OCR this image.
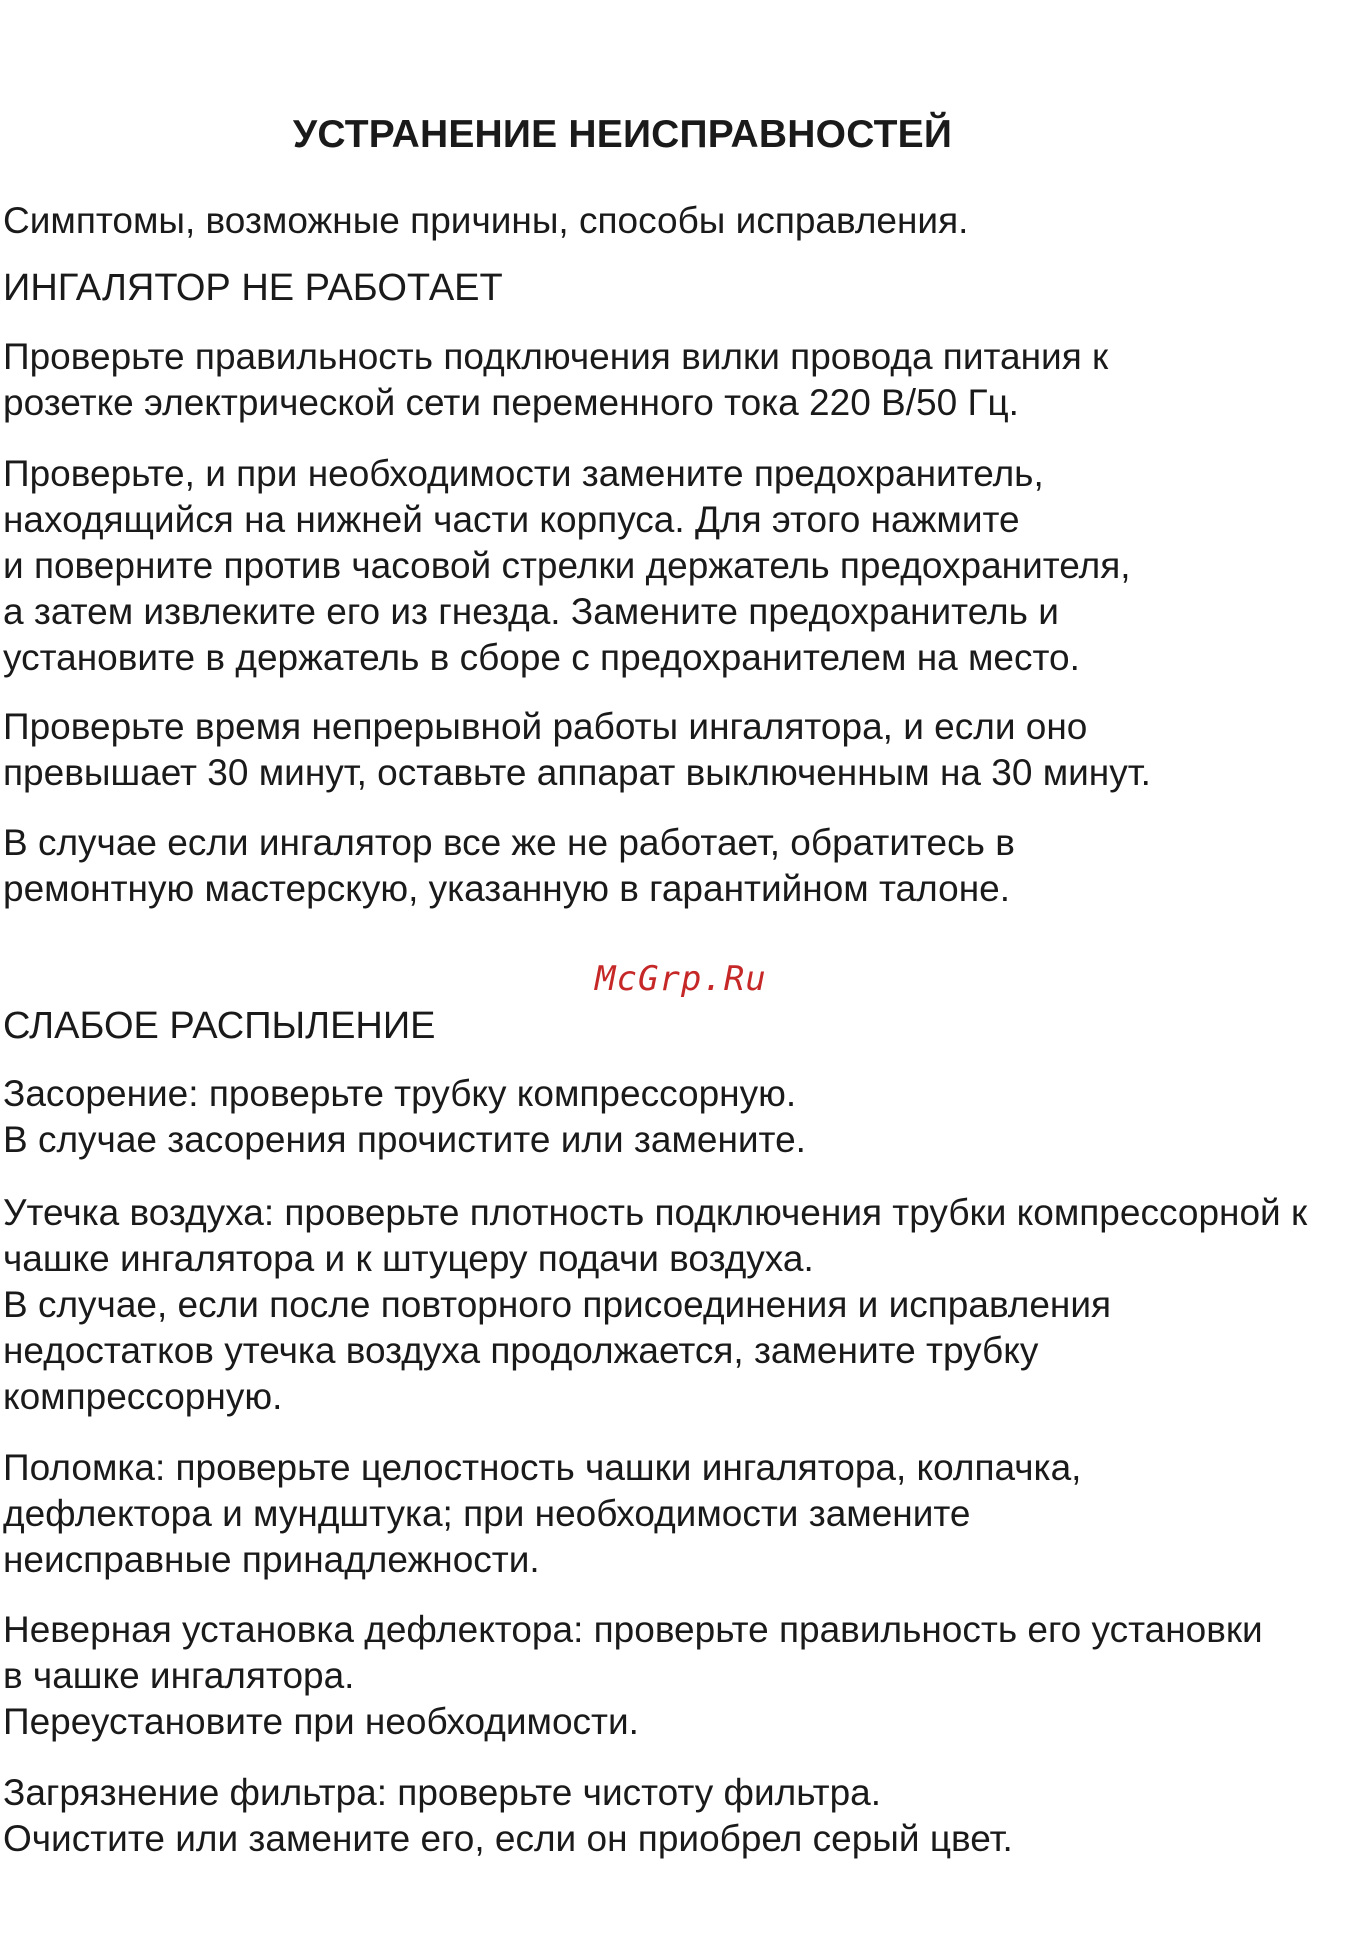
УСТРАНЕНИЕ НЕИСПРАВНОСТЕЙ

Симптомы, возможные причины, способы исправления.

ИНГАЛЯТОР НЕ РАБОТАЕТ

Проверьте правильность подключения вилки провода питания к
розетке электрической сети переменного тока 220 В/50 Гц.

Проверьте, и при необходимости замените предохранитель,
находящийся на нижней части корпуса. Для этого нажмите
и поверните против часовой стрелки держатель предохранителя,
а затем извлеките его из гнезда. Замените предохранитель и
установите в держатель в сборе с предохранителем на место.

Проверьте время непрерывной работы ингалятора, и если оно
превышает 30 минут, оставьте аппарат выключенным на 30 минут.

В случае если ингалятор все же не работает, обратитесь в
ремонтную мастерскую, указанную в гарантийном талоне.

McGrp.Ru

СЛАБОЕ РАСПЫЛЕНИЕ

Засорение: проверьте трубку компрессорную.
В случае засорения прочистите или замените.

Утечка воздуха: проверьте плотность подключения трубки компрессорной к
чашке ингалятора и к штуцеру подачи воздуха.
В случае, если после повторного присоединения и исправления
недостатков утечка воздуха продолжается, замените трубку
компрессорную.

Поломка: проверьте целостность чашки ингалятора, колпачка,
дефлектора и мундштука; при необходимости замените
неисправные принадлежности.

Неверная установка дефлектора: проверьте правильность его установки
в чашке ингалятора.
Переустановите при необходимости.

Загрязнение фильтра: проверьте чистоту фильтра.
Очистите или замените его, если он приобрел серый цвет.
